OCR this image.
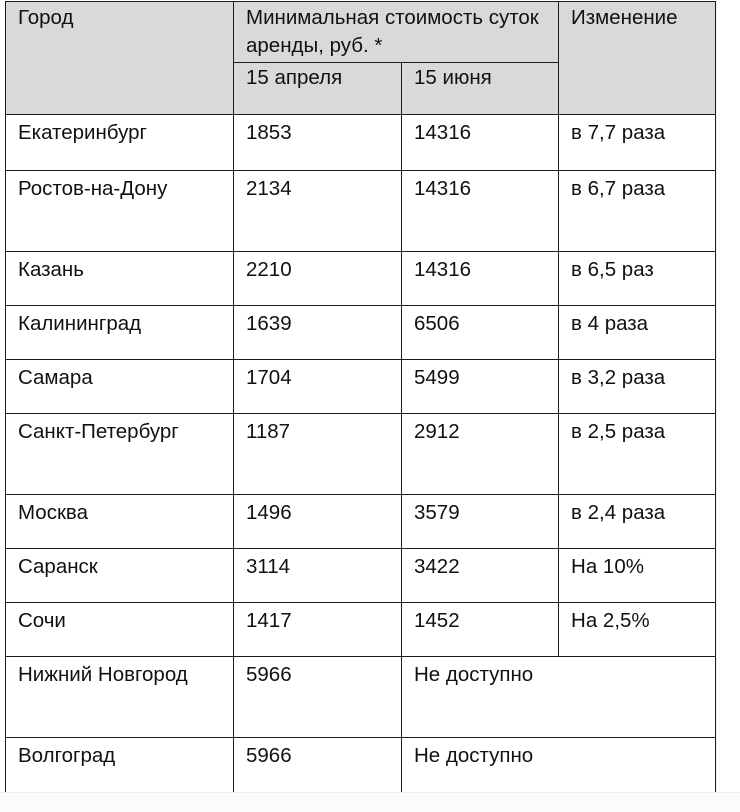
Город	Минимальная стоимость суток аренды, руб. *		Изменение
	15 апреля	15 июня	
Екатеринбург	1853	14316	в 7,7 раза
Ростов-на-Дону	2134	14316	в 6,7 раза
Казань	2210	14316	в 6,5 раз
Калининград	1639	6506	в 4 раза
Самара	1704	5499	в 3,2 раза
Санкт-Петербург	1187	2912	в 2,5 раза
Москва	1496	3579	в 2,4 раза
Саранск	3114	3422	На 10%
Сочи	1417	1452	На 2,5%
Нижний Новгород	5966	Не доступно	
Волгоград	5966	Не доступно	
